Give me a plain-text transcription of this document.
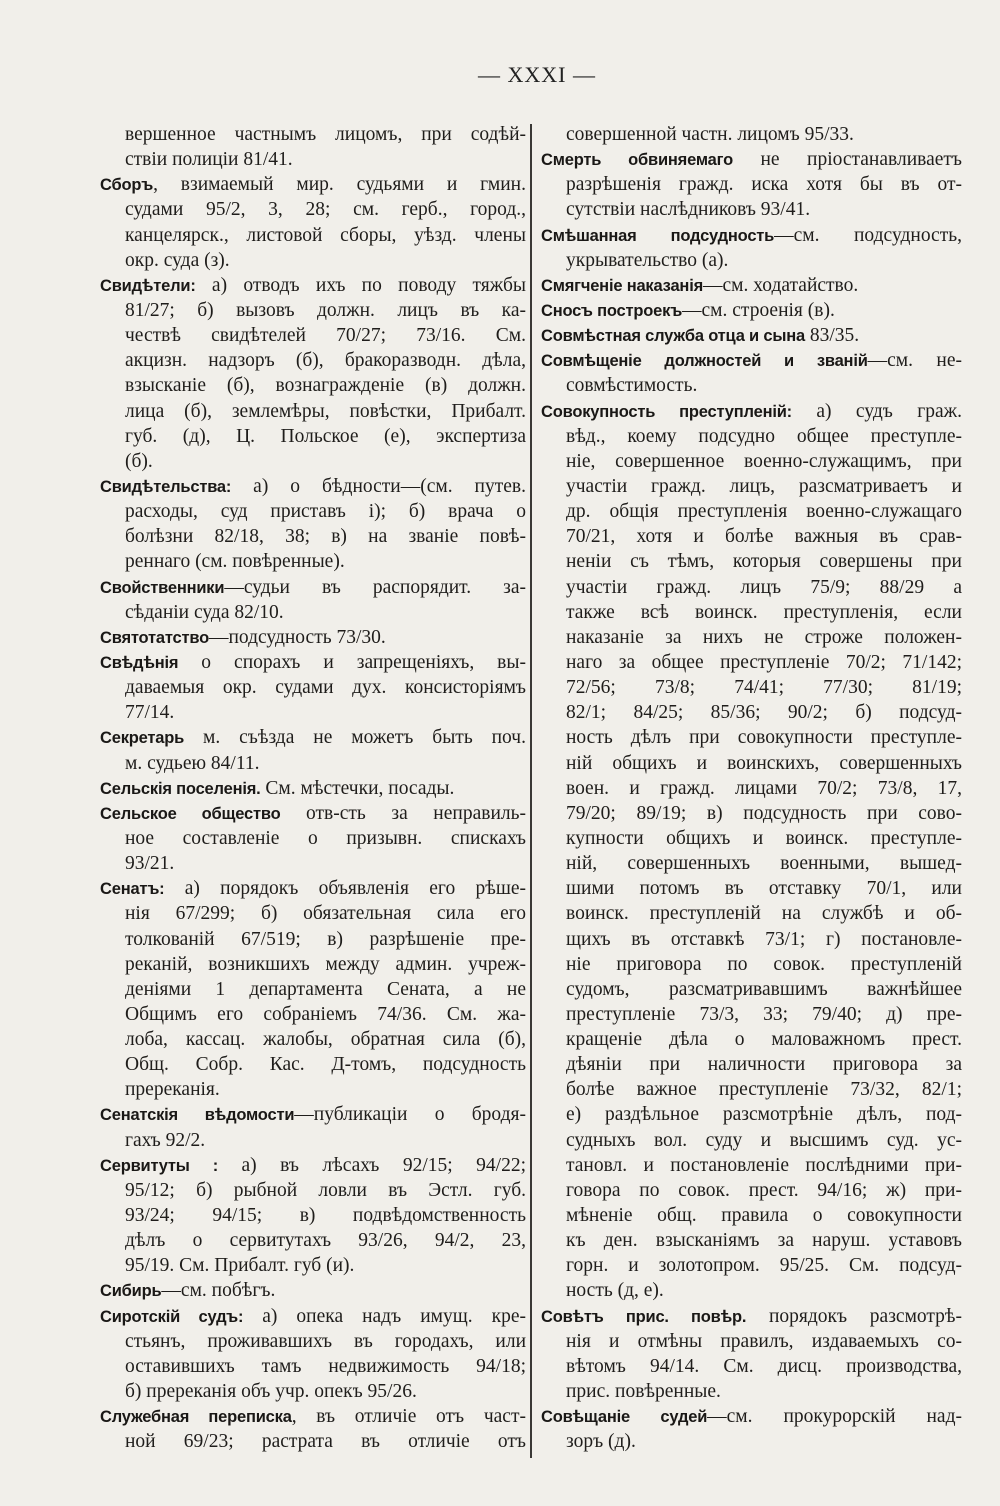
— XXXI —
вершенное частнымъ лицомъ, при содѣй-
ствіи полиціи 81/41.
Сборъ, взимаемый мир. судьями и гмин.
судами 95/2, 3, 28; см. герб., город.,
канцелярск., листовой сборы, уѣзд. члены
окр. суда (з).
Свидѣтели: а) отводъ ихъ по поводу тяжбы
81/27; б) вызовъ должн. лицъ въ ка-
чествѣ свидѣтелей 70/27; 73/16. См.
акцизн. надзоръ (б), бракоразводн. дѣла,
взысканіе (б), вознагражденіе (в) должн.
лица (б), землемѣры, повѣстки, Прибалт.
губ. (д), Ц. Польское (е), экспертиза
(б).
Свидѣтельства: а) о бѣдности—(см. путев.
расходы, суд приставъ і); б) врача о
болѣзни 82/18, 38; в) на званіе повѣ-
реннаго (см. повѣренные).
Свойственники—судьи въ распорядит. за-
сѣданіи суда 82/10.
Святотатство—подсудность 73/30.
Свѣдѣнія о спорахъ и запрещеніяхъ, вы-
даваемыя окр. судами дух. консисторіямъ
77/14.
Секретарь м. съѣзда не можетъ быть поч.
м. судьею 84/11.
Сельскія поселенія. См. мѣстечки, посады.
Сельское общество отв-сть за неправиль-
ное составленіе о призывн. спискахъ
93/21.
Сенатъ: а) порядокъ объявленія его рѣше-
нія 67/299; б) обязательная сила его
толкованій 67/519; в) разрѣшеніе пре-
реканій, возникшихъ между админ. учреж-
деніями 1 департамента Сената, а не
Общимъ его собраніемъ 74/36. См. жа-
лоба, кассац. жалобы, обратная сила (б),
Общ. Собр. Кас. Д-томъ, подсудность
пререканія.
Сенатскія вѣдомости—публикаціи о бродя-
гахъ 92/2.
Сервитуты : а) въ лѣсахъ 92/15; 94/22;
95/12; б) рыбной ловли въ Эстл. губ.
93/24; 94/15; в) подвѣдомственность
дѣлъ о сервитутахъ 93/26, 94/2, 23,
95/19. См. Прибалт. губ (и).
Сибирь—см. побѣгъ.
Сиротскій судъ: а) опека надъ имущ. кре-
стьянъ, проживавшихъ въ городахъ, или
оставившихъ тамъ недвижимость 94/18;
б) пререканія объ учр. опекъ 95/26.
Служебная переписка, въ отличіе отъ част-
ной 69/23; растрата въ отличіе отъ
совершенной частн. лицомъ 95/33.
Смерть обвиняемаго не пріостанавливаетъ
разрѣшенія гражд. иска хотя бы въ от-
сутствіи наслѣдниковъ 93/41.
Смѣшанная подсудность—см. подсудность,
укрывательство (а).
Смягченіе наказанія—см. ходатайство.
Сносъ построекъ—см. строенія (в).
Совмѣстная служба отца и сына 83/35.
Совмѣщеніе должностей и званій—см. не-
совмѣстимость.
Совокупность преступленій: а) судъ граж.
вѣд., коему подсудно общее преступле-
ніе, совершенное военно-служащимъ, при
участіи гражд. лицъ, разсматриваетъ и
др. общія преступленія военно-служащаго
70/21, хотя и болѣе важныя въ срав-
неніи съ тѣмъ, которыя совершены при
участіи гражд. лицъ 75/9; 88/29 а
также всѣ воинск. преступленія, если
наказаніе за нихъ не строже положен-
наго за общее преступленіе 70/2; 71/142;
72/56; 73/8; 74/41; 77/30; 81/19;
82/1; 84/25; 85/36; 90/2; б) подсуд-
ность дѣлъ при совокупности преступле-
ній общихъ и воинскихъ, совершенныхъ
воен. и гражд. лицами 70/2; 73/8, 17,
79/20; 89/19; в) подсудность при сово-
купности общихъ и воинск. преступле-
ній, совершенныхъ военными, вышед-
шими потомъ въ отставку 70/1, или
воинск. преступленій на службѣ и об-
щихъ въ отставкѣ 73/1; г) постановле-
ніе приговора по совок. преступленій
судомъ, разсматривавшимъ важнѣйшее
преступленіе 73/3, 33; 79/40; д) пре-
кращеніе дѣла о маловажномъ прест.
дѣяніи при наличности приговора за
болѣе важное преступленіе 73/32, 82/1;
е) раздѣльное разсмотрѣніе дѣлъ, под-
судныхъ вол. суду и высшимъ суд. ус-
тановл. и постановленіе послѣдними при-
говора по совок. прест. 94/16; ж) при-
мѣненіе общ. правила о совокупности
къ ден. взысканіямъ за наруш. уставовъ
горн. и золотопром. 95/25. См. подсуд-
ность (д, е).
Совѣтъ прис. повѣр. порядокъ разсмотрѣ-
нія и отмѣны правилъ, издаваемыхъ со-
вѣтомъ 94/14. См. дисц. производства,
прис. повѣренные.
Совѣщаніе судей—см. прокурорскій над-
зоръ (д).
